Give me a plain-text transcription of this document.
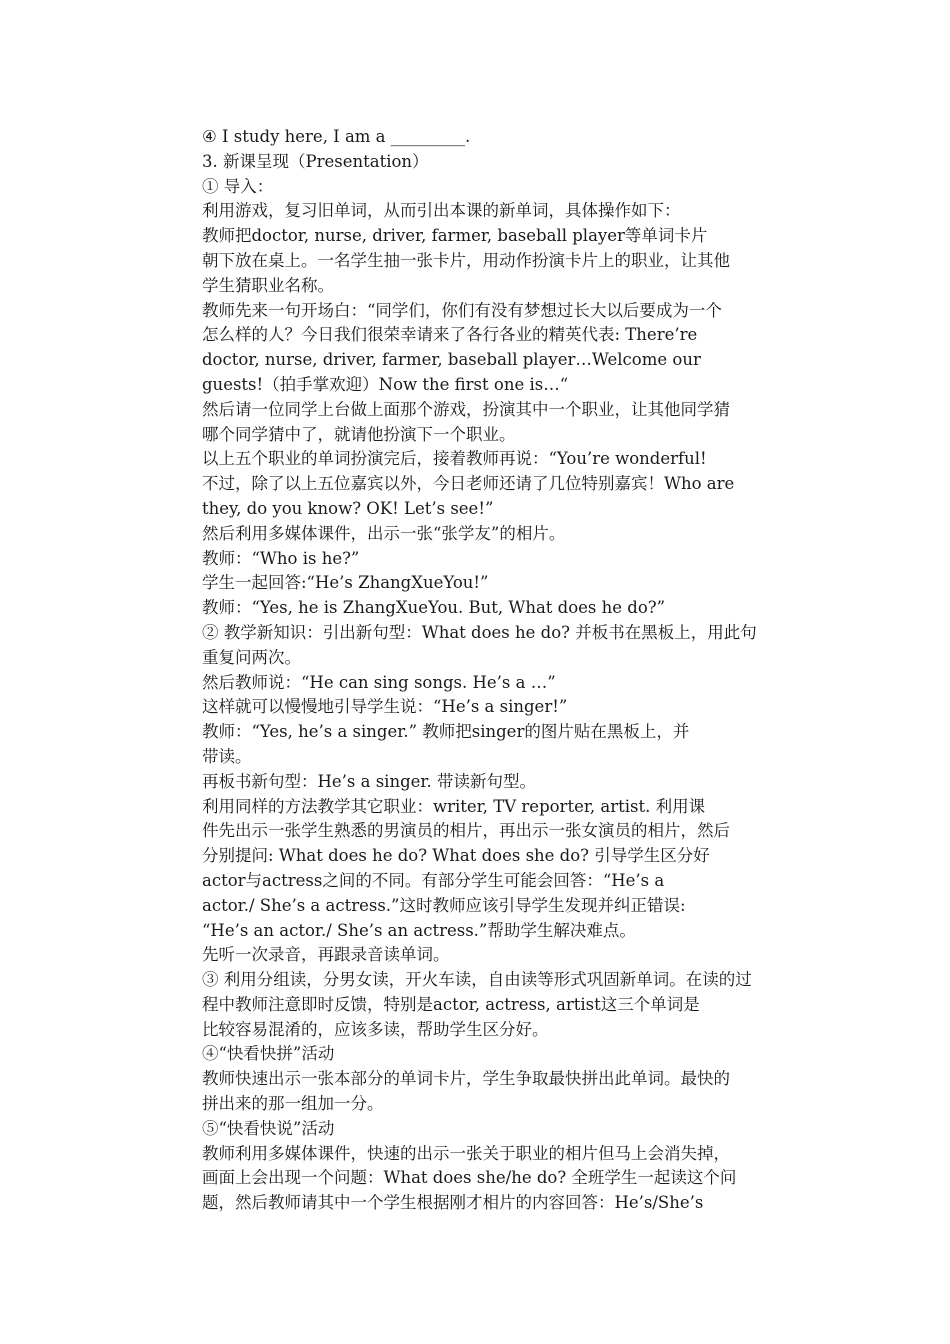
④ I study here, I am a _________.
3. 新课呈现（Presentation）
① 导入：
利用游戏，复习旧单词，从而引出本课的新单词，具体操作如下：
教师把doctor, nurse, driver, farmer, baseball player等单词卡片
朝下放在桌上。一名学生抽一张卡片，用动作扮演卡片上的职业，让其他
学生猜职业名称。
教师先来一句开场白：“同学们，你们有没有梦想过长大以后要成为一个
怎么样的人？今日我们很荣幸请来了各行各业的精英代表: There’re
doctor, nurse, driver, farmer, baseball player…Welcome our
guests!（拍手掌欢迎）Now the first one is…“
然后请一位同学上台做上面那个游戏，扮演其中一个职业，让其他同学猜
哪个同学猜中了，就请他扮演下一个职业。
以上五个职业的单词扮演完后，接着教师再说：“You’re wonderful!
不过，除了以上五位嘉宾以外，今日老师还请了几位特别嘉宾！Who are
they, do you know? OK! Let’s see!”
然后利用多媒体课件，出示一张“张学友”的相片。
教师：“Who is he?”
学生一起回答:“He’s ZhangXueYou!”
教师：“Yes, he is ZhangXueYou. But, What does he do?”
② 教学新知识：引出新句型：What does he do? 并板书在黑板上，用此句
重复问两次。
然后教师说：“He can sing songs. He’s a …”
这样就可以慢慢地引导学生说：“He’s a singer!”
教师：“Yes, he’s a singer.” 教师把singer的图片贴在黑板上，并
带读。
再板书新句型：He’s a singer. 带读新句型。
利用同样的方法教学其它职业：writer, TV reporter, artist. 利用课
件先出示一张学生熟悉的男演员的相片，再出示一张女演员的相片，然后
分别提问: What does he do? What does she do? 引导学生区分好
actor与actress之间的不同。有部分学生可能会回答：“He’s a
actor./ She’s a actress.”这时教师应该引导学生发现并纠正错误:
“He’s an actor./ She’s an actress.”帮助学生解决难点。
先听一次录音，再跟录音读单词。
③ 利用分组读，分男女读，开火车读，自由读等形式巩固新单词。在读的过
程中教师注意即时反馈，特别是actor, actress, artist这三个单词是
比较容易混淆的，应该多读，帮助学生区分好。
④“快看快拼”活动
教师快速出示一张本部分的单词卡片，学生争取最快拼出此单词。最快的
拼出来的那一组加一分。
⑤“快看快说”活动
教师利用多媒体课件，快速的出示一张关于职业的相片但马上会消失掉，
画面上会出现一个问题：What does she/he do? 全班学生一起读这个问
题，然后教师请其中一个学生根据刚才相片的内容回答：He’s/She’s
